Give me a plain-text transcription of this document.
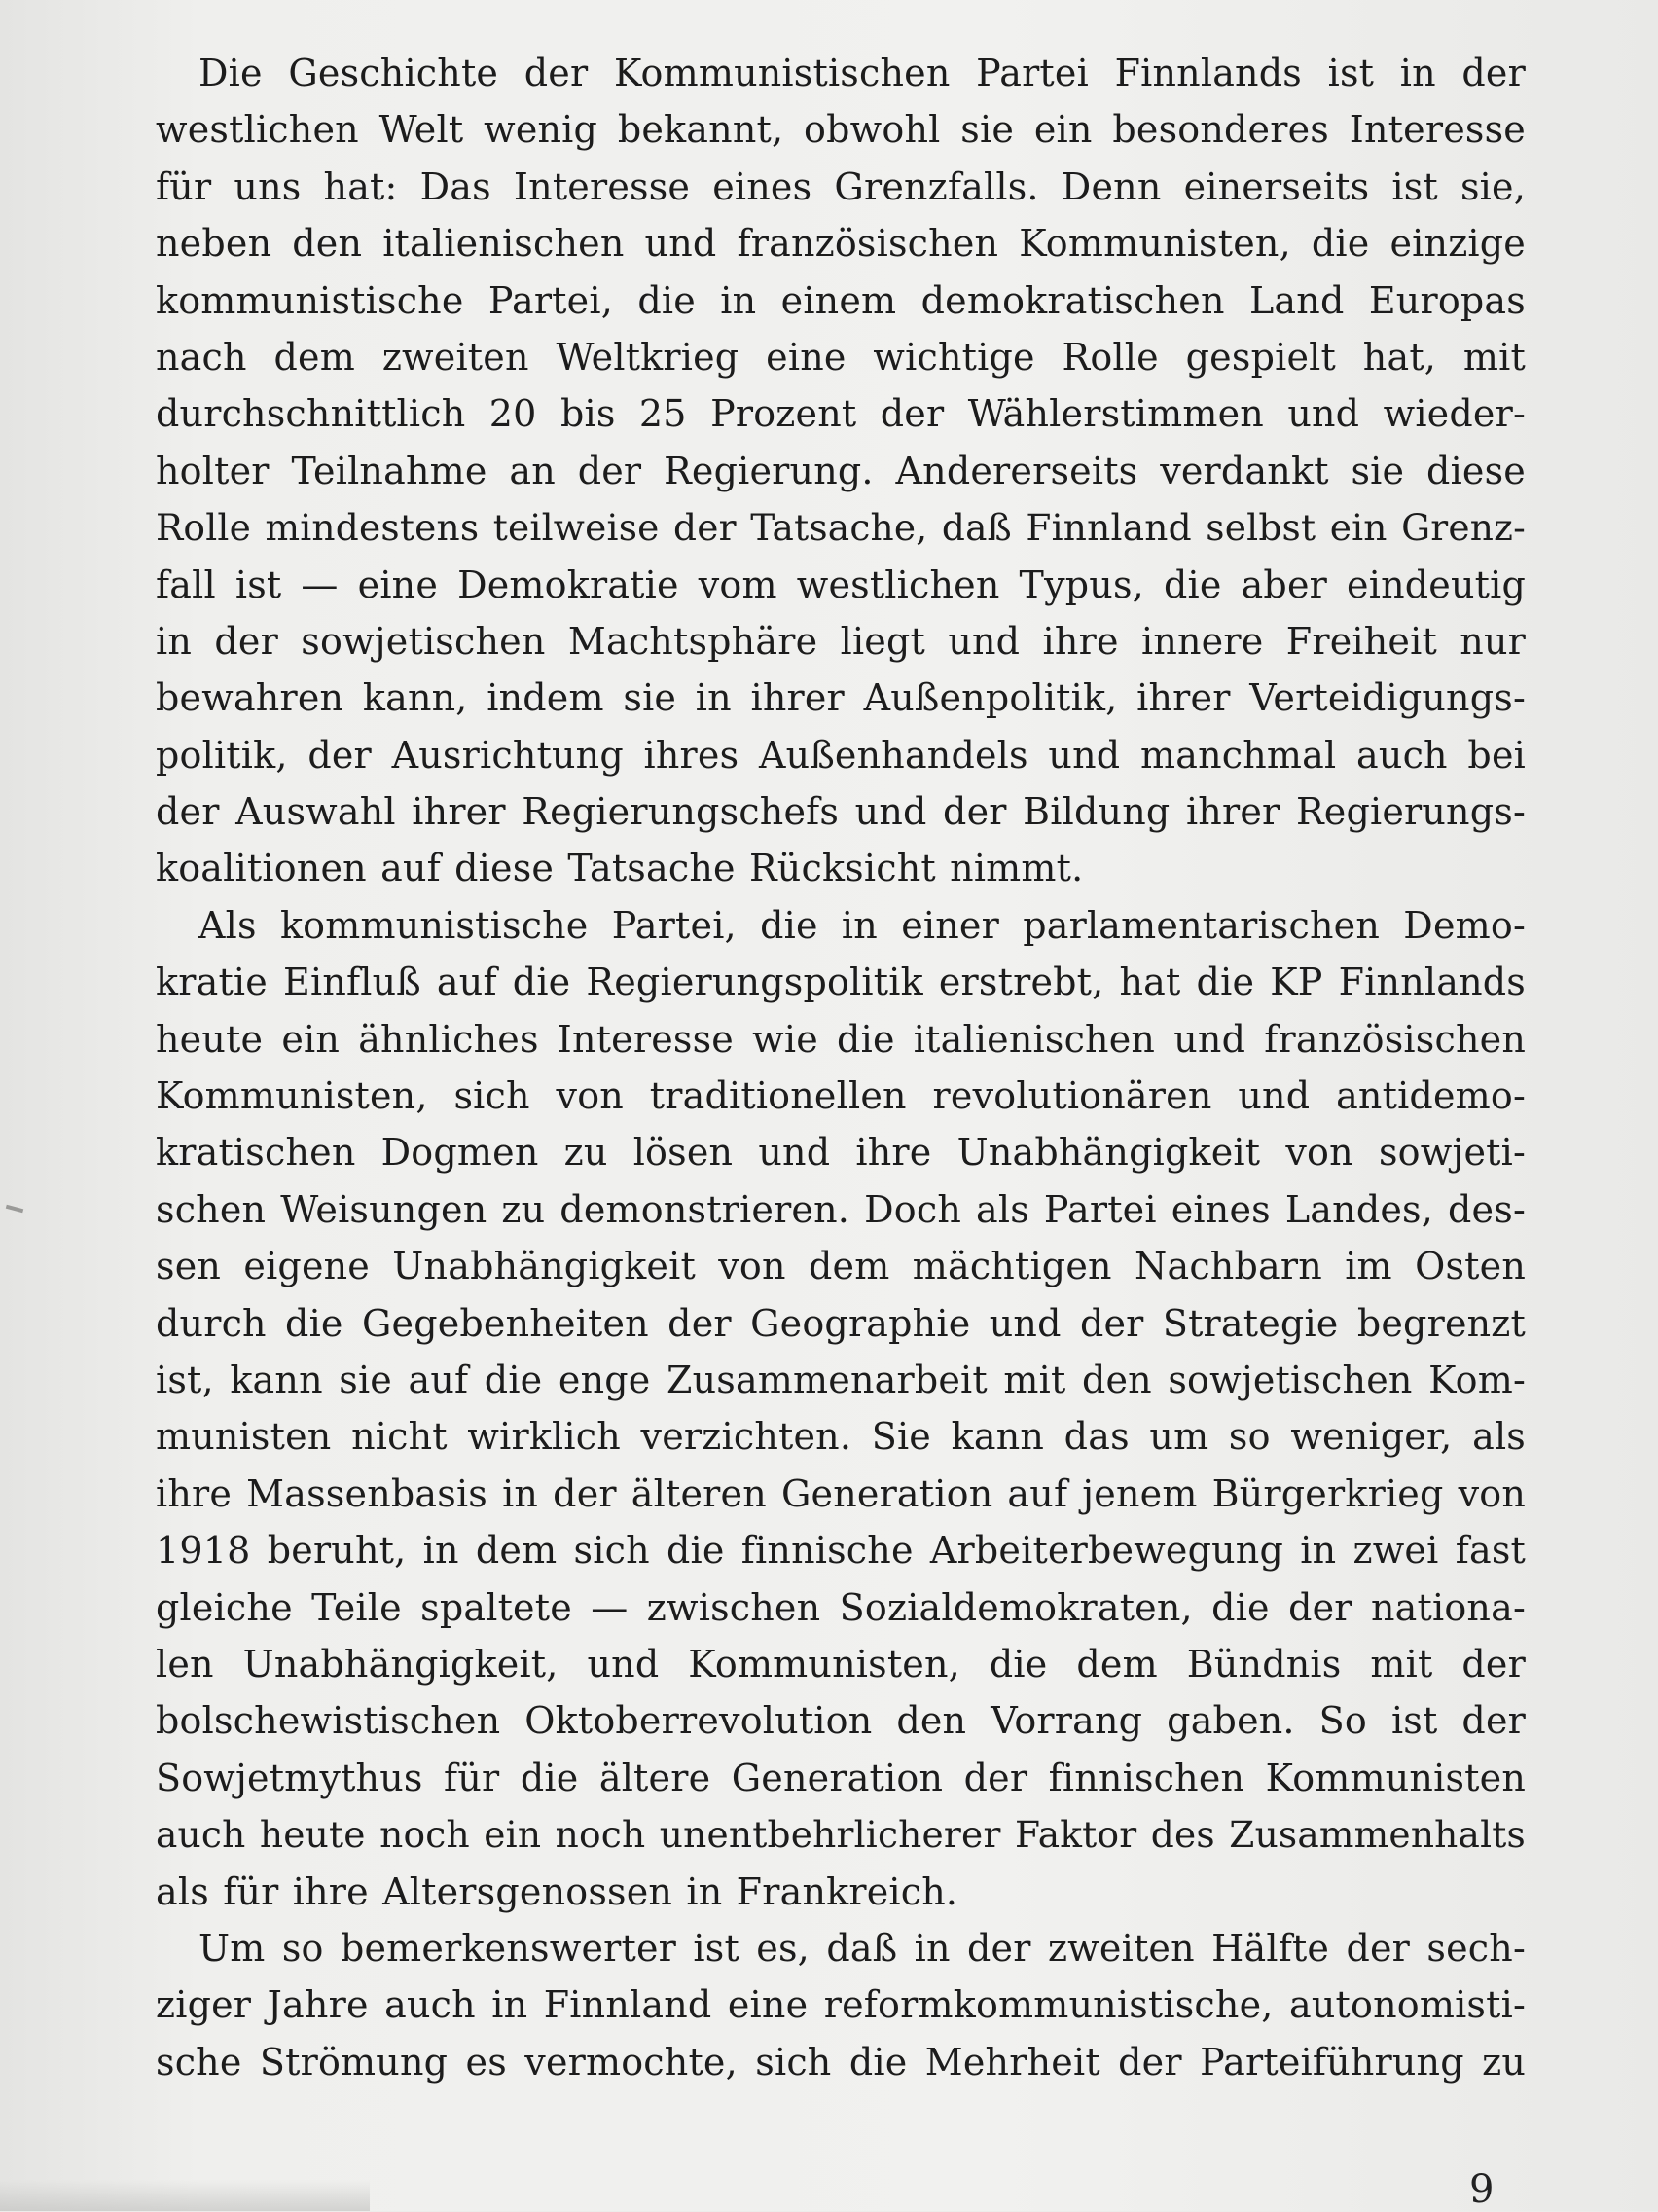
Die Geschichte der Kommunistischen Partei Finnlands ist in der
westlichen Welt wenig bekannt, obwohl sie ein besonderes Interesse
für uns hat: Das Interesse eines Grenzfalls. Denn einerseits ist sie,
neben den italienischen und französischen Kommunisten, die einzige
kommunistische Partei, die in einem demokratischen Land Europas
nach dem zweiten Weltkrieg eine wichtige Rolle gespielt hat, mit
durchschnittlich 20 bis 25 Prozent der Wählerstimmen und wieder-
holter Teilnahme an der Regierung. Andererseits verdankt sie diese
Rolle mindestens teilweise der Tatsache, daß Finnland selbst ein Grenz-
fall ist — eine Demokratie vom westlichen Typus, die aber eindeutig
in der sowjetischen Machtsphäre liegt und ihre innere Freiheit nur
bewahren kann, indem sie in ihrer Außenpolitik, ihrer Verteidigungs-
politik, der Ausrichtung ihres Außenhandels und manchmal auch bei
der Auswahl ihrer Regierungschefs und der Bildung ihrer Regierungs-
koalitionen auf diese Tatsache Rücksicht nimmt.
Als kommunistische Partei, die in einer parlamentarischen Demo-
kratie Einfluß auf die Regierungspolitik erstrebt, hat die KP Finnlands
heute ein ähnliches Interesse wie die italienischen und französischen
Kommunisten, sich von traditionellen revolutionären und antidemo-
kratischen Dogmen zu lösen und ihre Unabhängigkeit von sowjeti-
schen Weisungen zu demonstrieren. Doch als Partei eines Landes, des-
sen eigene Unabhängigkeit von dem mächtigen Nachbarn im Osten
durch die Gegebenheiten der Geographie und der Strategie begrenzt
ist, kann sie auf die enge Zusammenarbeit mit den sowjetischen Kom-
munisten nicht wirklich verzichten. Sie kann das um so weniger, als
ihre Massenbasis in der älteren Generation auf jenem Bürgerkrieg von
1918 beruht, in dem sich die finnische Arbeiterbewegung in zwei fast
gleiche Teile spaltete — zwischen Sozialdemokraten, die der nationa-
len Unabhängigkeit, und Kommunisten, die dem Bündnis mit der
bolschewistischen Oktoberrevolution den Vorrang gaben. So ist der
Sowjetmythus für die ältere Generation der finnischen Kommunisten
auch heute noch ein noch unentbehrlicherer Faktor des Zusammenhalts
als für ihre Altersgenossen in Frankreich.
Um so bemerkenswerter ist es, daß in der zweiten Hälfte der sech-
ziger Jahre auch in Finnland eine reformkommunistische, autonomisti-
sche Strömung es vermochte, sich die Mehrheit der Parteiführung zu
9
